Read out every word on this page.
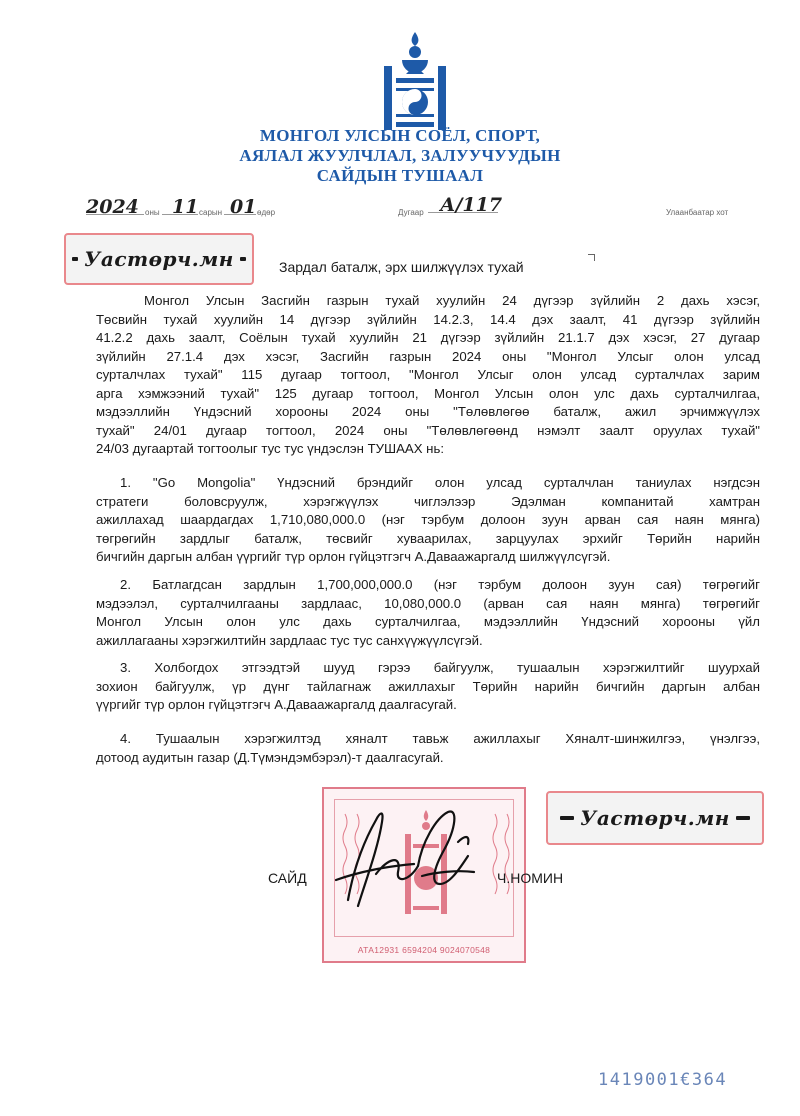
МОНГОЛ УЛСЫН СОЁЛ, СПОРТ,
АЯЛАЛ ЖУУЛЧЛАЛ, ЗАЛУУЧУУДЫН
САЙДЫН ТУШААЛ
2024 оны 11 сарын 01 өдөр	Дугаар А/117	Улаанбаатар хот
Уастөрч.мн	Зардал баталж, эрх шилжүүлэх тухай
Монгол Улсын Засгийн газрын тухай хуулийн 24 дүгээр зүйлийн 2 дахь хэсэг,
Төсвийн тухай хуулийн 14 дүгээр зүйлийн 14.2.3, 14.4 дэх заалт, 41 дүгээр зүйлийн
41.2.2 дахь заалт, Соёлын тухай хуулийн 21 дүгээр зүйлийн 21.1.7 дэх хэсэг, 27 дугаар
зүйлийн 27.1.4 дэх хэсэг, Засгийн газрын 2024 оны "Монгол Улсыг олон улсад
сурталчлах тухай" 115 дугаар тогтоол, "Монгол Улсыг олон улсад сурталчлах зарим
арга хэмжээний тухай" 125 дугаар тогтоол, Монгол Улсын олон улс дахь сурталчилгаа,
мэдээллийн Үндэсний хорооны 2024 оны "Төлөвлөгөө баталж, ажил эрчимжүүлэх
тухай" 24/01 дугаар тогтоол, 2024 оны "Төлөвлөгөөнд нэмэлт заалт оруулах тухай"
24/03 дугаартай тогтоолыг тус тус үндэслэн ТУШААХ нь:
1. "Go Mongolia" Үндэсний брэндийг олон улсад сурталчлан таниулах нэгдсэн
стратеги боловсруулж, хэрэгжүүлэх чиглэлээр Эдэлман компанитай хамтран
ажиллахад шаардагдах 1,710,080,000.0 (нэг тэрбум долоон зуун арван сая наян мянга)
төгрөгийн зардлыг баталж, төсвийг хуваарилах, зарцуулах эрхийг Төрийн нарийн
бичгийн даргын албан үүргийг түр орлон гүйцэтгэгч А.Даваажаргалд шилжүүлсүгэй.
2. Батлагдсан зардлын 1,700,000,000.0 (нэг тэрбум долоон зуун сая) төгрөгийг
мэдээлэл, сурталчилгааны зардлаас, 10,080,000.0 (арван сая наян мянга) төгрөгийг
Монгол Улсын олон улс дахь сурталчилгаа, мэдээллийн Үндэсний хорооны үйл
ажиллагааны хэрэгжилтийн зардлаас тус тус санхүүжүүлсүгэй.
3. Холбогдох этгээдтэй шууд гэрээ байгуулж, тушаалын хэрэгжилтийг шуурхай
зохион байгуулж, үр дүнг тайлагнаж ажиллахыг Төрийн нарийн бичгийн даргын албан
үүргийг түр орлон гүйцэтгэгч А.Даваажаргалд даалгасугай.
4. Тушаалын хэрэгжилтэд хяналт тавьж ажиллахыг Хяналт-шинжилгээ, үнэлгээ,
дотоод аудитын газар (Д.Түмэндэмбэрэл)-т даалгасугай.
АТА12931 6594204 9024070548
САЙД	Ч.НОМИН
Уастөрч.мн
1419001€364
